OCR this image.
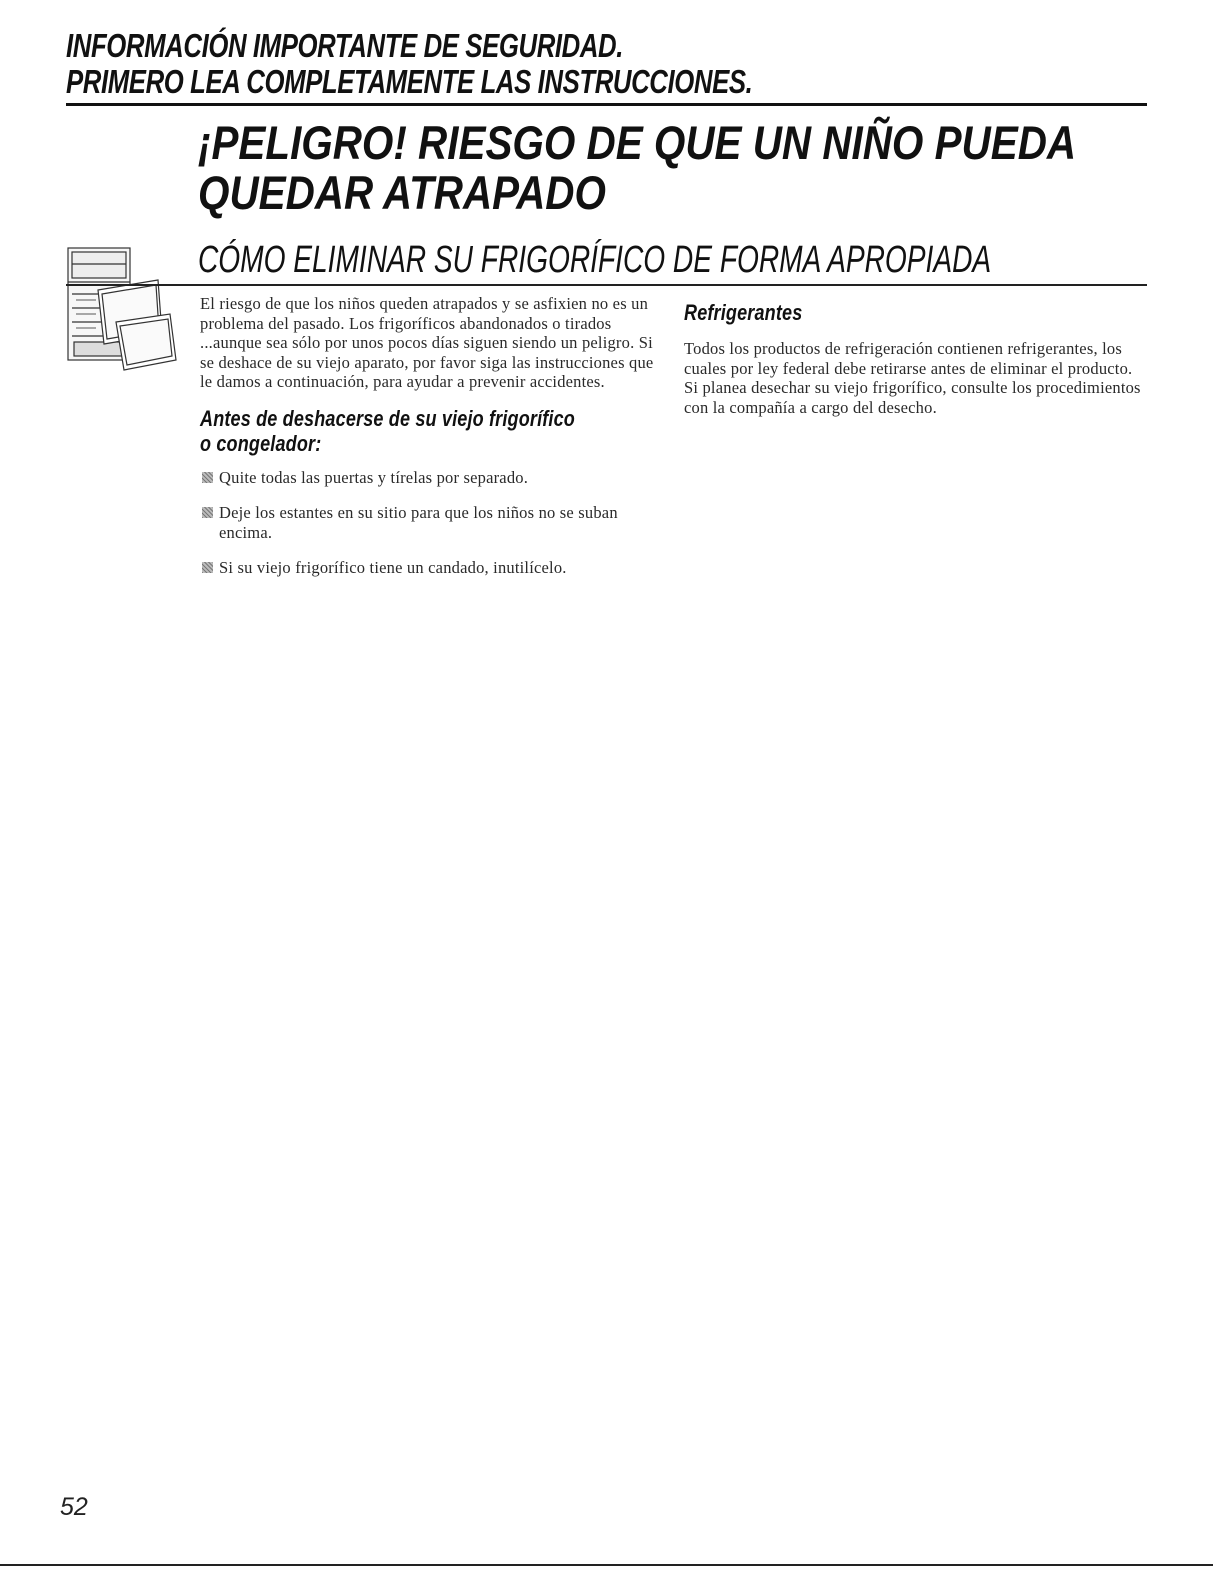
INFORMACIÓN IMPORTANTE DE SEGURIDAD.
PRIMERO LEA COMPLETAMENTE LAS INSTRUCCIONES.
¡PELIGRO! RIESGO DE QUE UN NIÑO PUEDA
QUEDAR ATRAPADO
CÓMO ELIMINAR SU FRIGORÍFICO DE FORMA APROPIADA

El riesgo de que los niños queden atrapados y se asfixien no es un problema del pasado. Los frigoríficos abandonados o tirados ...aunque sea sólo por unos pocos días siguen siendo un peligro. Si se deshace de su viejo aparato, por favor siga las instrucciones que le damos a continuación, para ayudar a prevenir accidentes.

Antes de deshacerse de su viejo frigorífico
o congelador:
Quite todas las puertas y tírelas por separado.
Deje los estantes en su sitio para que los niños no se suban encima.
Si su viejo frigorífico tiene un candado, inutilícelo.
Refrigerantes

Todos los productos de refrigeración contienen refrigerantes, los cuales por ley federal debe retirarse antes de eliminar el producto. Si planea desechar su viejo frigorífico, consulte los procedimientos con la compañía a cargo del desecho.

52
